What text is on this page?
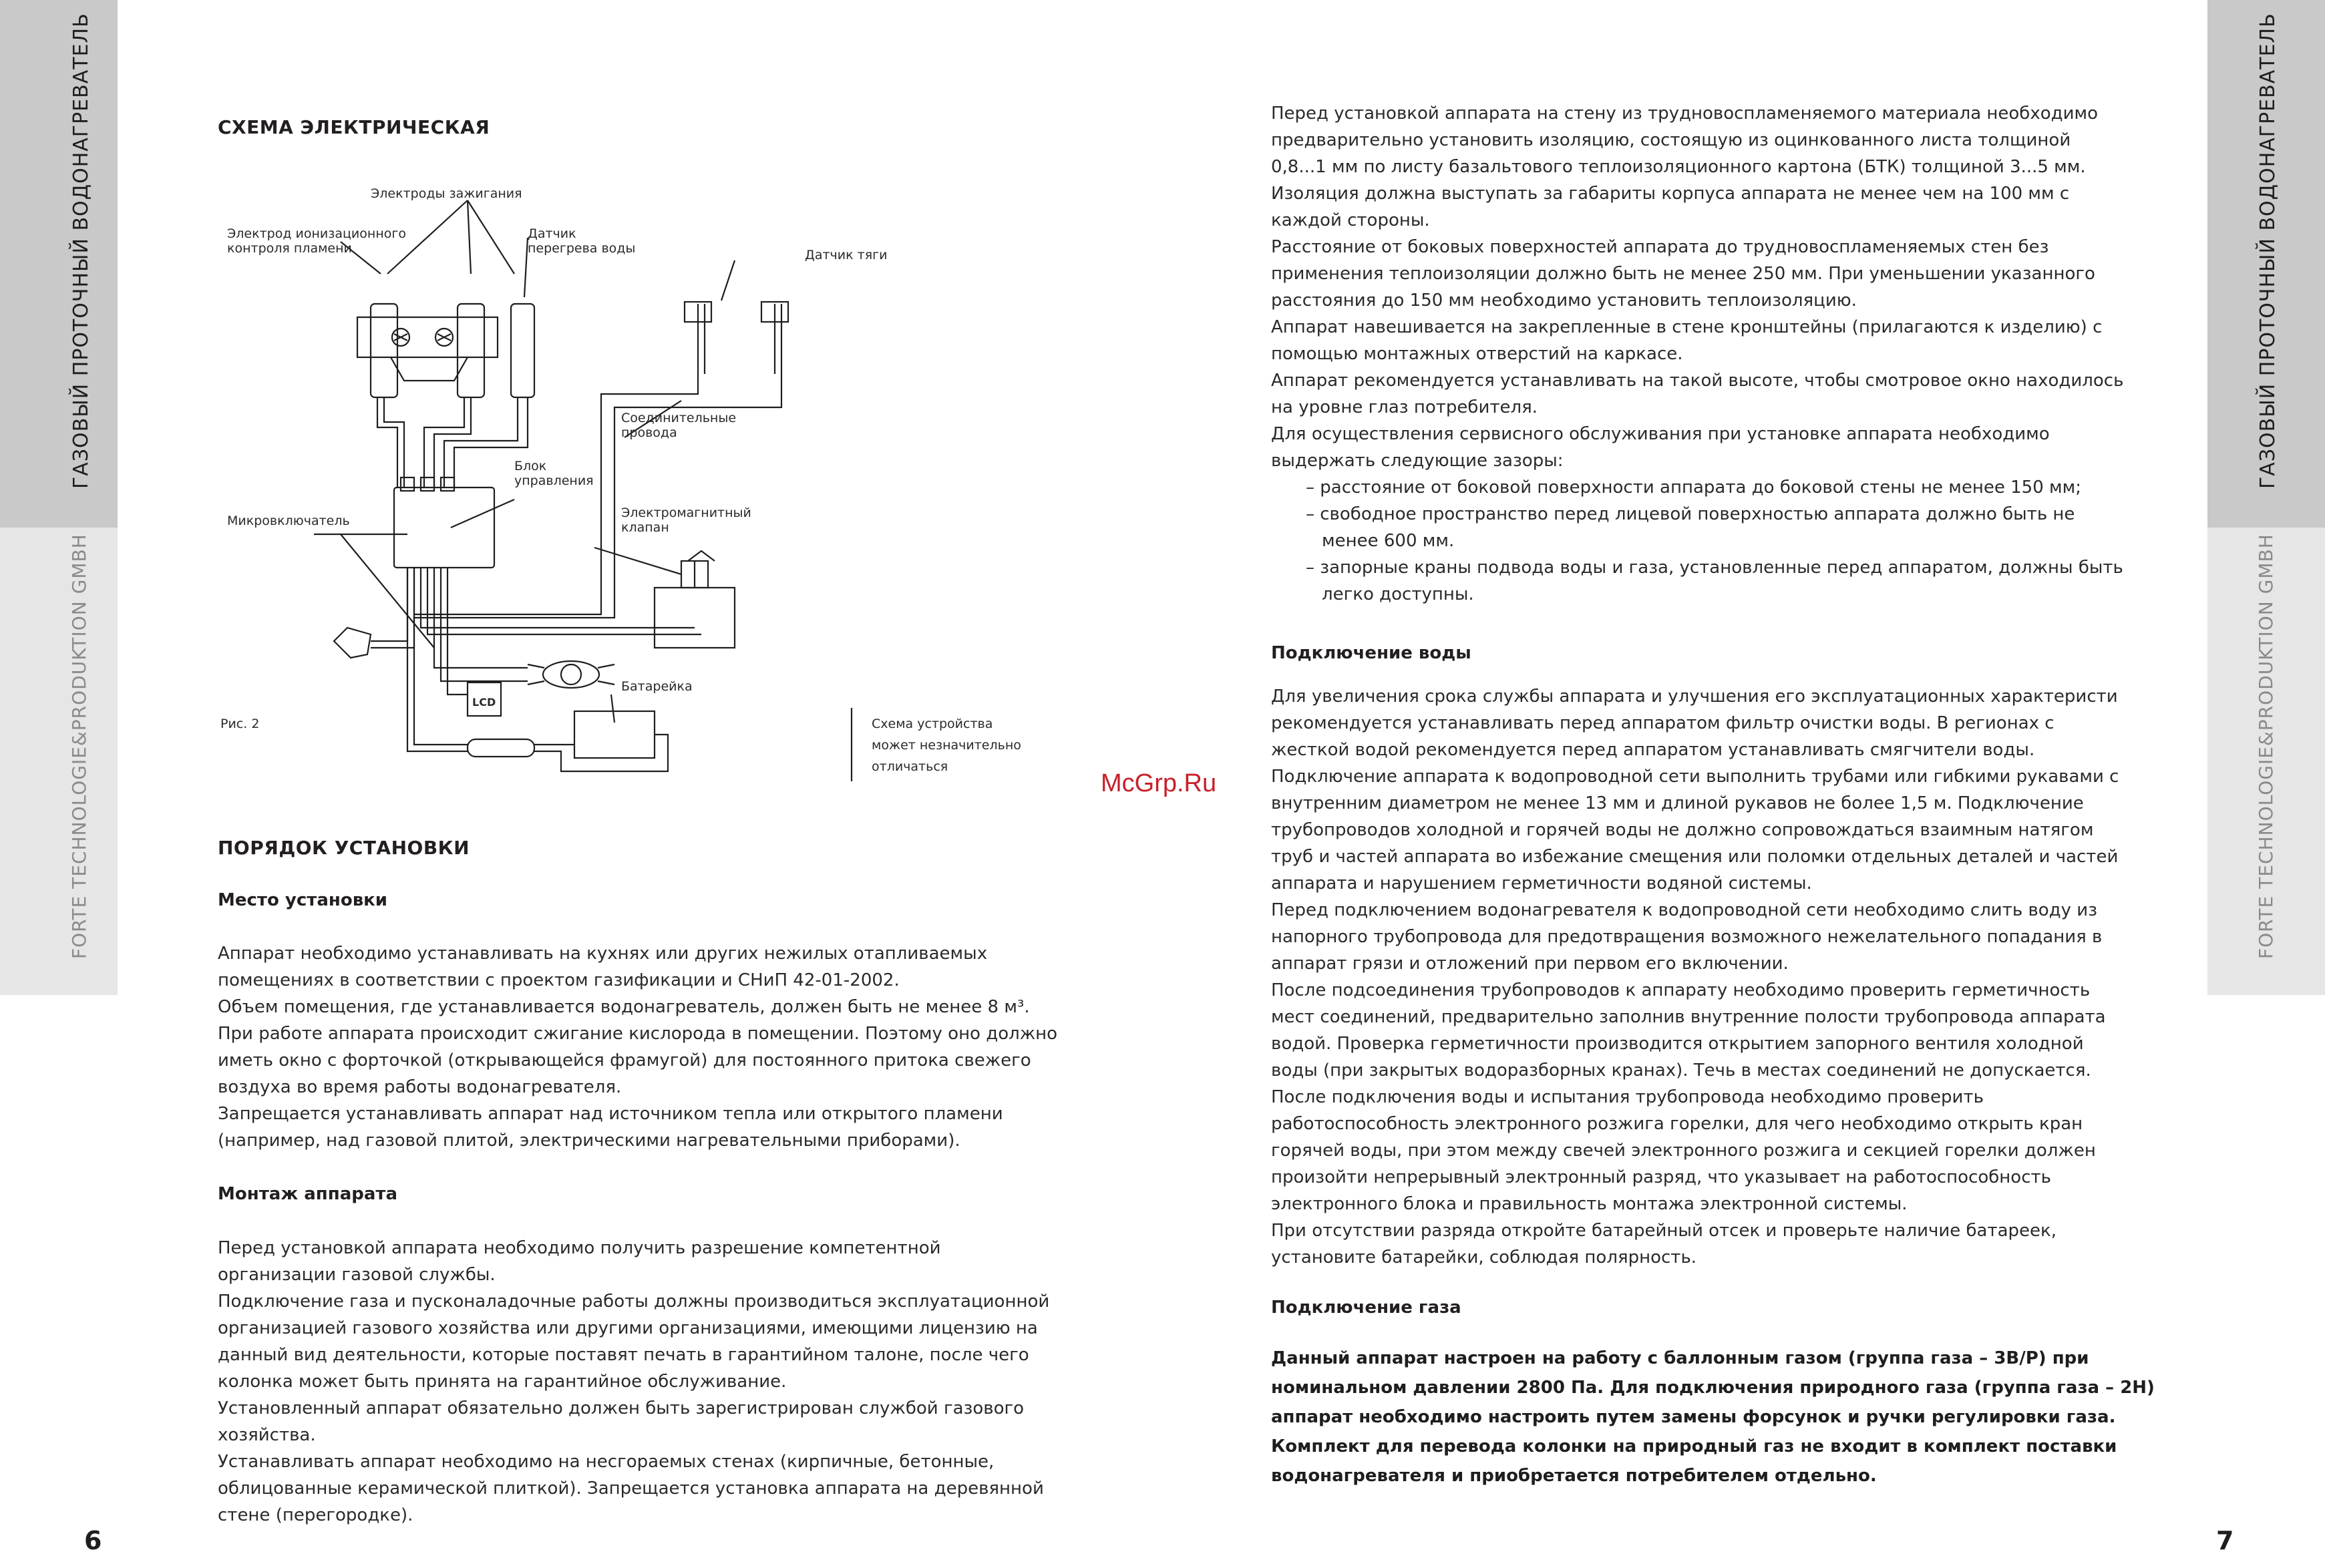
ГАЗОВЫЙ ПРОТОЧНЫЙ ВОДОНАГРЕВАТЕЛЬ
FORTE TECHNOLOGIE&PRODUKTION GMBH
ГАЗОВЫЙ ПРОТОЧНЫЙ ВОДОНАГРЕВАТЕЛЬ
FORTE TECHNOLOGIE&PRODUKTION GMBH
6	7
СХЕМА ЭЛЕКТРИЧЕСКАЯ
Рис. 2
Электроды зажигания
Электрод ионизационного
контроля пламени
Датчик
перегрева воды	Датчик тяги
Соединительные
провода
Блок
управления
Микровключатель
Электромагнитный
клапан
Батарейка
LCD
Схема устройства
может незначительно
отличаться
ПОРЯДОК УСТАНОВКИ
Место установки
Аппарат необходимо устанавливать на кухнях или других нежилых отапливаемых
помещениях в соответствии с проектом газификации и СНиП 42-01-2002.
Объем помещения, где устанавливается водонагреватель, должен быть не менее 8 м³.
При работе аппарата происходит сжигание кислорода в помещении. Поэтому оно должно
иметь окно с форточкой (открывающейся фрамугой) для постоянного притока свежего
воздуха во время работы водонагревателя.
Запрещается устанавливать аппарат над источником тепла или открытого пламени
(например, над газовой плитой, электрическими нагревательными приборами).
Монтаж аппарата
Перед установкой аппарата необходимо получить разрешение компетентной
организации газовой службы.
Подключение газа и пусконаладочные работы должны производиться эксплуатационной
организацией газового хозяйства или другими организациями, имеющими лицензию на
данный вид деятельности, которые поставят печать в гарантийном талоне, после чего
колонка может быть принята на гарантийное обслуживание.
Установленный аппарат обязательно должен быть зарегистрирован службой газового
хозяйства.
Устанавливать аппарат необходимо на несгораемых стенах (кирпичные, бетонные,
облицованные керамической плиткой). Запрещается установка аппарата на деревянной
стене (перегородке).
McGrp.Ru
Перед установкой аппарата на стену из трудновоспламеняемого материала необходимо
предварительно установить изоляцию, состоящую из оцинкованного листа толщиной
0,8...1 мм по листу базальтового теплоизоляционного картона (БТК) толщиной 3...5 мм.
Изоляция должна выступать за габариты корпуса аппарата не менее чем на 100 мм с
каждой стороны.
Расстояние от боковых поверхностей аппарата до трудновоспламеняемых стен без
применения теплоизоляции должно быть не менее 250 мм. При уменьшении указанного
расстояния до 150 мм необходимо установить теплоизоляцию.
Аппарат навешивается на закрепленные в стене кронштейны (прилагаются к изделию) с
помощью монтажных отверстий на каркасе.
Аппарат рекомендуется устанавливать на такой высоте, чтобы смотровое окно находилось
на уровне глаз потребителя.
Для осуществления сервисного обслуживания при установке аппарата необходимо
выдержать следующие зазоры:
– расстояние от боковой поверхности аппарата до боковой стены не менее 150 мм;
– свободное пространство перед лицевой поверхностью аппарата должно быть не
менее 600 мм.
– запорные краны подвода воды и газа, установленные перед аппаратом, должны быть
легко доступны.
Подключение воды
Для увеличения срока службы аппарата и улучшения его эксплуатационных характеристи
рекомендуется устанавливать перед аппаратом фильтр очистки воды. В регионах с
жесткой водой рекомендуется перед аппаратом устанавливать смягчители воды.
Подключение аппарата к водопроводной сети выполнить трубами или гибкими рукавами с
внутренним диаметром не менее 13 мм и длиной рукавов не более 1,5 м. Подключение
трубопроводов холодной и горячей воды не должно сопровождаться взаимным натягом
труб и частей аппарата во избежание смещения или поломки отдельных деталей и частей
аппарата и нарушением герметичности водяной системы.
Перед подключением водонагревателя к водопроводной сети необходимо слить воду из
напорного трубопровода для предотвращения возможного нежелательного попадания в
аппарат грязи и отложений при первом его включении.
После подсоединения трубопроводов к аппарату необходимо проверить герметичность
мест соединений, предварительно заполнив внутренние полости трубопровода аппарата
водой. Проверка герметичности производится открытием запорного вентиля холодной
воды (при закрытых водоразборных кранах). Течь в местах соединений не допускается.
После подключения воды и испытания трубопровода необходимо проверить
работоспособность электронного розжига горелки, для чего необходимо открыть кран
горячей воды, при этом между свечей электронного розжига и секцией горелки должен
произойти непрерывный электронный разряд, что указывает на работоспособность
электронного блока и правильность монтажа электронной системы.
При отсутствии разряда откройте батарейный отсек и проверьте наличие батареек,
установите батарейки, соблюдая полярность.
Подключение газа
Данный аппарат настроен на работу с баллонным газом (группа газа – 3В/Р) при
номинальном давлении 2800 Па. Для подключения природного газа (группа газа – 2Н)
аппарат необходимо настроить путем замены форсунок и ручки регулировки газа.
Комплект для перевода колонки на природный газ не входит в комплект поставки
водонагревателя и приобретается потребителем отдельно.
